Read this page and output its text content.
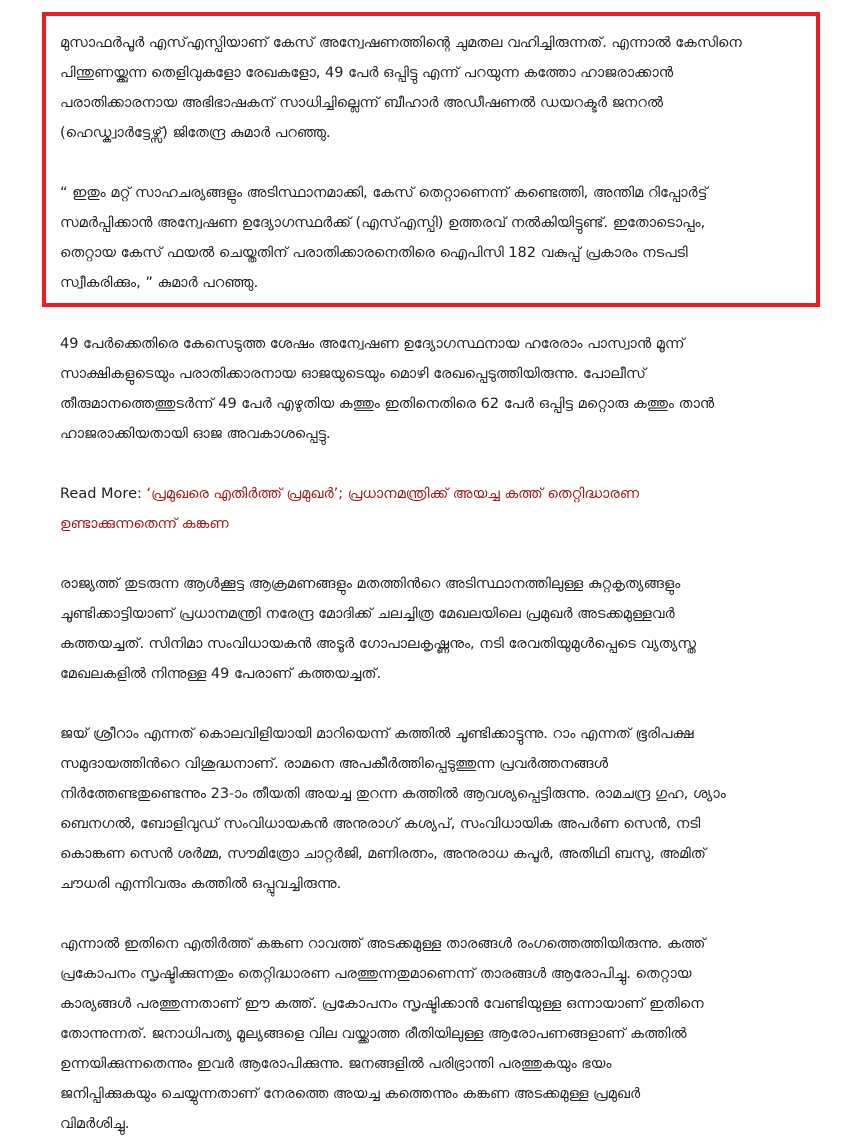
മുസാഫർപൂർ എസ്എസ്പിയാണ് കേസ് അന്വേഷണത്തിന്റെ ചുമതല വഹിച്ചിരുന്നത്. എന്നാൽ കേസിനെ
പിന്തുണയ്ക്കുന്ന തെളിവുകളോ രേഖകളോ, 49 പേർ ഒപ്പിട്ടു എന്ന് പറയുന്ന കത്തോ ഹാജരാക്കാൻ
പരാതിക്കാരനായ അഭിഭാഷകന് സാധിച്ചില്ലെന്ന് ബീഹാർ അഡീഷണൽ ഡയറക്ടർ ജനറൽ
(ഹെഡ്ക്വാർട്ടേഴ്സ്) ജിതേന്ദ്ര കുമാർ പറഞ്ഞു.

“ ഇതും മറ്റ് സാഹചര്യങ്ങളും അടിസ്ഥാനമാക്കി, കേസ് തെറ്റാണെന്ന് കണ്ടെത്തി, അന്തിമ റിപ്പോർട്ട്
സമർപ്പിക്കാൻ അന്വേഷണ ഉദ്യോഗസ്ഥർക്ക് (എസ്എസ്പി) ഉത്തരവ് നൽകിയിട്ടുണ്ട്. ഇതോടൊപ്പം,
തെറ്റായ കേസ് ഫയൽ ചെയ്തതിന് പരാതിക്കാരനെതിരെ ഐപിസി 182 വകുപ്പ് പ്രകാരം നടപടി
സ്വീകരിക്കും, ” കുമാർ പറഞ്ഞു.

49 പേർക്കെതിരെ കേസെടുത്ത ശേഷം അന്വേഷണ ഉദ്യോഗസ്ഥനായ ഹരേരാം പാസ്വാൻ മൂന്ന്
സാക്ഷികളുടെയും പരാതിക്കാരനായ ഓജയുടെയും മൊഴി രേഖപ്പെടുത്തിയിരുന്നു. പോലീസ്
തീരുമാനത്തെത്തുടർന്ന് 49 പേർ എഴുതിയ കത്തും ഇതിനെതിരെ 62 പേർ ഒപ്പിട്ട മറ്റൊരു കത്തും താൻ
ഹാജരാക്കിയതായി ഓജ അവകാശപ്പെട്ടു.

Read More: ‘പ്രമുഖരെ എതിർത്ത് പ്രമുഖർ’; പ്രധാനമന്ത്രിക്ക് അയച്ച കത്ത് തെറ്റിദ്ധാരണ
ഉണ്ടാക്കുന്നതെന്ന് കങ്കണ

രാജ്യത്ത് തുടരുന്ന ആൾക്കൂട്ട ആക്രമണങ്ങളും മതത്തിൻറെ അടിസ്ഥാനത്തിലുള്ള കുറ്റകൃത്യങ്ങളും
ചൂണ്ടിക്കാട്ടിയാണ് പ്രധാനമന്ത്രി നരേന്ദ്ര മോദിക്ക് ചലച്ചിത്ര മേഖലയിലെ പ്രമുഖർ അടക്കമുള്ളവർ
കത്തയച്ചത്. സിനിമാ സംവിധായകൻ അടൂർ ഗോപാലകൃഷ്ണനും, നടി രേവതിയുമുൾപ്പെടെ വ്യത്യസ്ത
മേഖലകളിൽ നിന്നുള്ള 49 പേരാണ് കത്തയച്ചത്.

ജയ് ശ്രീറാം എന്നത് കൊലവിളിയായി മാറിയെന്ന് കത്തിൽ ചൂണ്ടിക്കാട്ടുന്നു. റാം എന്നത് ഭൂരിപക്ഷ
സമുദായത്തിൻറെ വിശുദ്ധനാണ്. രാമനെ അപകീർത്തിപ്പെടുത്തുന്ന പ്രവർത്തനങ്ങൾ
നിർത്തേണ്ടതുണ്ടെന്നും 23-ാം തീയതി അയച്ച തുറന്ന കത്തിൽ ആവശ്യപ്പെട്ടിരുന്നു. രാമചന്ദ്ര ഗുഹ, ശ്യാം
ബെനഗൽ, ബോളിവുഡ് സംവിധായകൻ അനുരാഗ് കശ്യപ്, സംവിധായിക അപർണ സെൻ, നടി
കൊങ്കണ സെൻ ശർമ്മ, സൗമിത്രോ ചാറ്റർജി, മണിരത്നം, അനുരാധ കപൂർ, അതിഥി ബസു, അമിത്
ചൗധരി എന്നിവരും കത്തിൽ ഒപ്പുവച്ചിരുന്നു.

എന്നാൽ ഇതിനെ എതിർത്ത് കങ്കണ റാവത്ത് അടക്കമുള്ള താരങ്ങൾ രംഗത്തെത്തിയിരുന്നു. കത്ത്
പ്രകോപനം സൃഷ്ടിക്കുന്നതും തെറ്റിദ്ധാരണ പരത്തുന്നതുമാണെന്ന് താരങ്ങൾ ആരോപിച്ചു. തെറ്റായ
കാര്യങ്ങൾ പരത്തുന്നതാണ് ഈ കത്ത്. പ്രകോപനം സൃഷ്ടിക്കാൻ വേണ്ടിയുള്ള ഒന്നായാണ് ഇതിനെ
തോന്നുന്നത്. ജനാധിപത്യ മൂല്യങ്ങളെ വില വയ്ക്കാത്ത രീതിയിലുള്ള ആരോപണങ്ങളാണ് കത്തിൽ
ഉന്നയിക്കുന്നതെന്നും ഇവർ ആരോപിക്കുന്നു. ജനങ്ങളിൽ പരിഭ്രാന്തി പരത്തുകയും ഭയം
ജനിപ്പിക്കുകയും ചെയ്യുന്നതാണ് നേരത്തെ അയച്ച കത്തെന്നും കങ്കണ അടക്കമുള്ള പ്രമുഖർ
വിമർശിച്ചു.
